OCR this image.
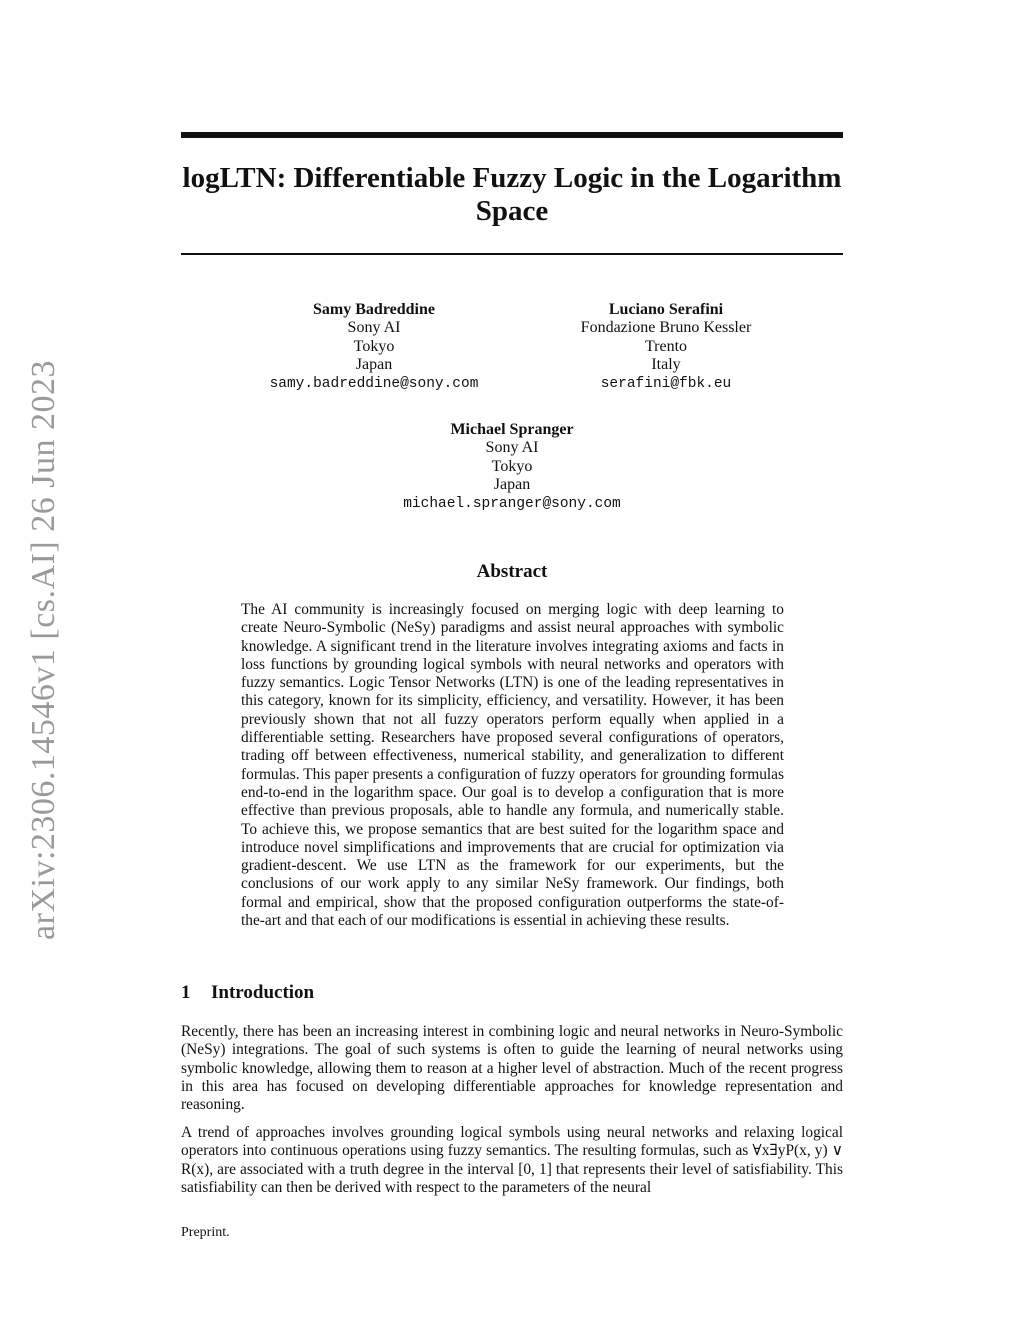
arXiv:2306.14546v1 [cs.AI] 26 Jun 2023
logLTN: Differentiable Fuzzy Logic in the Logarithm Space
Samy Badreddine
Sony AI
Tokyo
Japan
samy.badreddine@sony.com
Luciano Serafini
Fondazione Bruno Kessler
Trento
Italy
serafini@fbk.eu
Michael Spranger
Sony AI
Tokyo
Japan
michael.spranger@sony.com
Abstract

The AI community is increasingly focused on merging logic with deep learning to create Neuro-Symbolic (NeSy) paradigms and assist neural approaches with symbolic knowledge. A significant trend in the literature involves integrating axioms and facts in loss functions by grounding logical symbols with neural networks and operators with fuzzy semantics. Logic Tensor Networks (LTN) is one of the leading representatives in this category, known for its simplicity, efficiency, and versatility. However, it has been previously shown that not all fuzzy operators perform equally when applied in a differentiable setting. Researchers have proposed several configurations of operators, trading off between effectiveness, numerical stability, and generalization to different formulas. This paper presents a configuration of fuzzy operators for grounding formulas end-to-end in the logarithm space. Our goal is to develop a configuration that is more effective than previous proposals, able to handle any formula, and numerically stable. To achieve this, we propose semantics that are best suited for the logarithm space and introduce novel simplifications and improvements that are crucial for optimization via gradient-descent. We use LTN as the framework for our experiments, but the conclusions of our work apply to any similar NeSy framework. Our findings, both formal and empirical, show that the proposed configuration outperforms the state-of-the-art and that each of our modifications is essential in achieving these results.

1 Introduction

Recently, there has been an increasing interest in combining logic and neural networks in Neuro-Symbolic (NeSy) integrations. The goal of such systems is often to guide the learning of neural networks using symbolic knowledge, allowing them to reason at a higher level of abstraction. Much of the recent progress in this area has focused on developing differentiable approaches for knowledge representation and reasoning.

A trend of approaches involves grounding logical symbols using neural networks and relaxing logical operators into continuous operations using fuzzy semantics. The resulting formulas, such as ∀x∃yP(x, y) ∨ R(x), are associated with a truth degree in the interval [0, 1] that represents their level of satisfiability. This satisfiability can then be derived with respect to the parameters of the neural

Preprint.
